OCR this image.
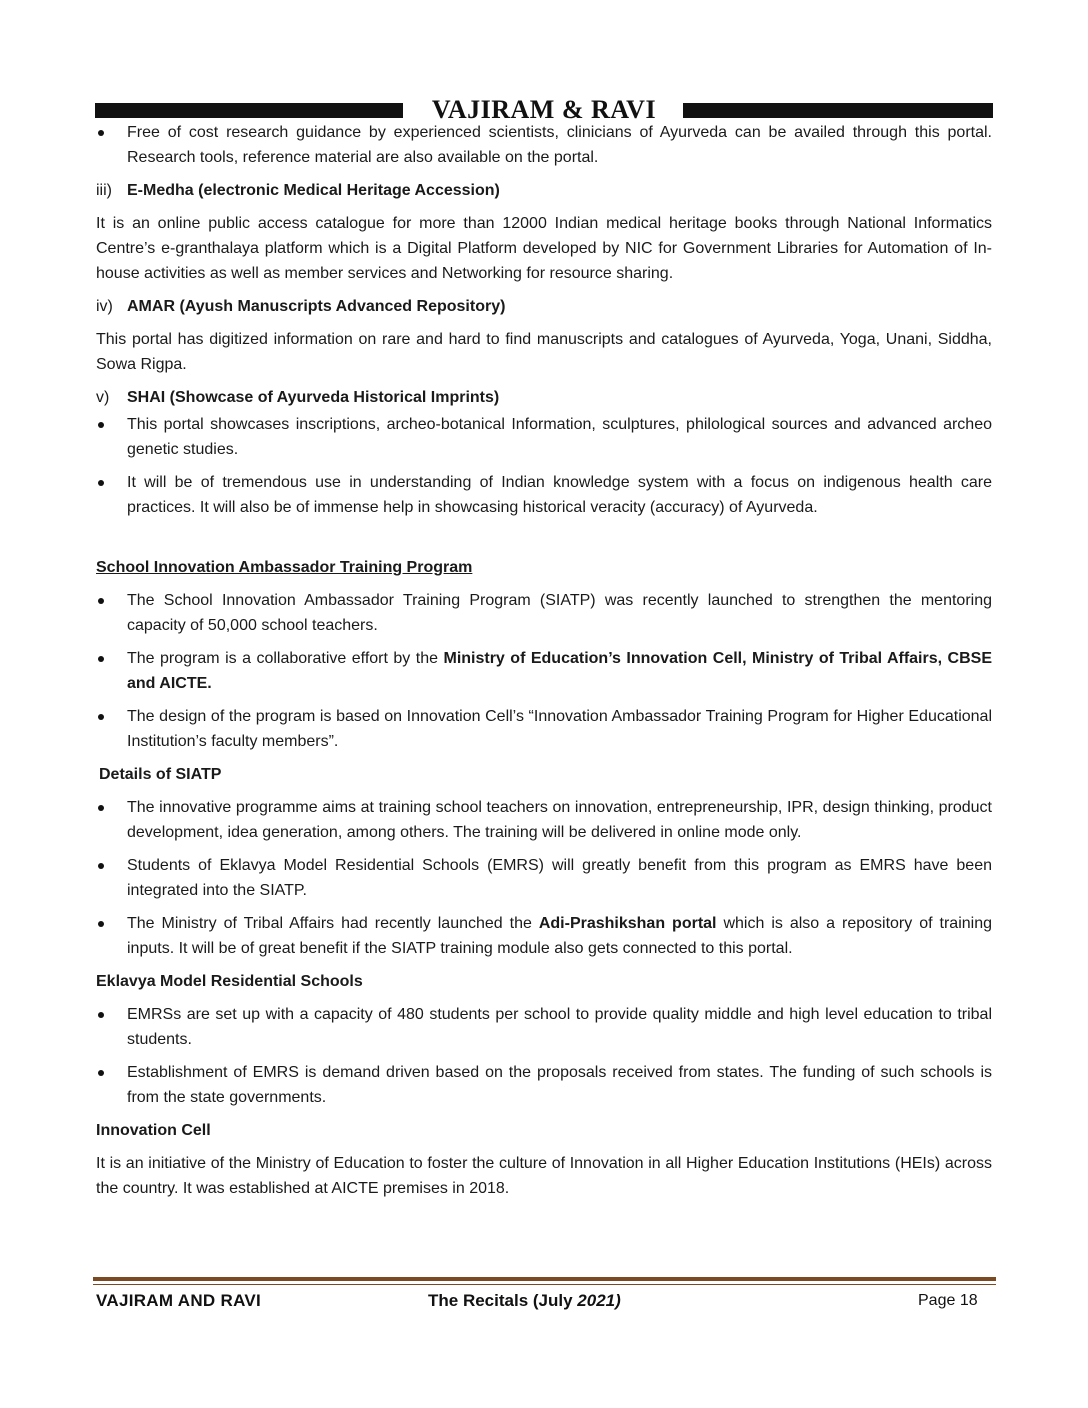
VAJIRAM & RAVI

Free of cost research guidance by experienced scientists, clinicians of Ayurveda can be availed through this portal. Research tools, reference material are also available on the portal.

iii) E-Medha (electronic Medical Heritage Accession)

It is an online public access catalogue for more than 12000 Indian medical heritage books through National Informatics Centre’s e-granthalaya platform which is a Digital Platform developed by NIC for Government Libraries for Automation of In-house activities as well as member services and Networking for resource sharing.

iv) AMAR (Ayush Manuscripts Advanced Repository)

This portal has digitized information on rare and hard to find manuscripts and catalogues of Ayurveda, Yoga, Unani, Siddha, Sowa Rigpa.

v) SHAI (Showcase of Ayurveda Historical Imprints)

This portal showcases inscriptions, archeo-botanical Information, sculptures, philological sources and advanced archeo genetic studies.

It will be of tremendous use in understanding of Indian knowledge system with a focus on indigenous health care practices. It will also be of immense help in showcasing historical veracity (accuracy) of Ayurveda.

School Innovation Ambassador Training Program

The School Innovation Ambassador Training Program (SIATP) was recently launched to strengthen the mentoring capacity of 50,000 school teachers.

The program is a collaborative effort by the Ministry of Education’s Innovation Cell, Ministry of Tribal Affairs, CBSE and AICTE.

The design of the program is based on Innovation Cell’s “Innovation Ambassador Training Program for Higher Educational Institution’s faculty members”.

Details of SIATP

The innovative programme aims at training school teachers on innovation, entrepreneurship, IPR, design thinking, product development, idea generation, among others. The training will be delivered in online mode only.

Students of Eklavya Model Residential Schools (EMRS) will greatly benefit from this program as EMRS have been integrated into the SIATP.

The Ministry of Tribal Affairs had recently launched the Adi-Prashikshan portal which is also a repository of training inputs. It will be of great benefit if the SIATP training module also gets connected to this portal.

Eklavya Model Residential Schools

EMRSs are set up with a capacity of 480 students per school to provide quality middle and high level education to tribal students.

Establishment of EMRS is demand driven based on the proposals received from states. The funding of such schools is from the state governments.

Innovation Cell

It is an initiative of the Ministry of Education to foster the culture of Innovation in all Higher Education Institutions (HEIs) across the country. It was established at AICTE premises in 2018.

VAJIRAM AND RAVI	The Recitals (July 2021)	Page 18
